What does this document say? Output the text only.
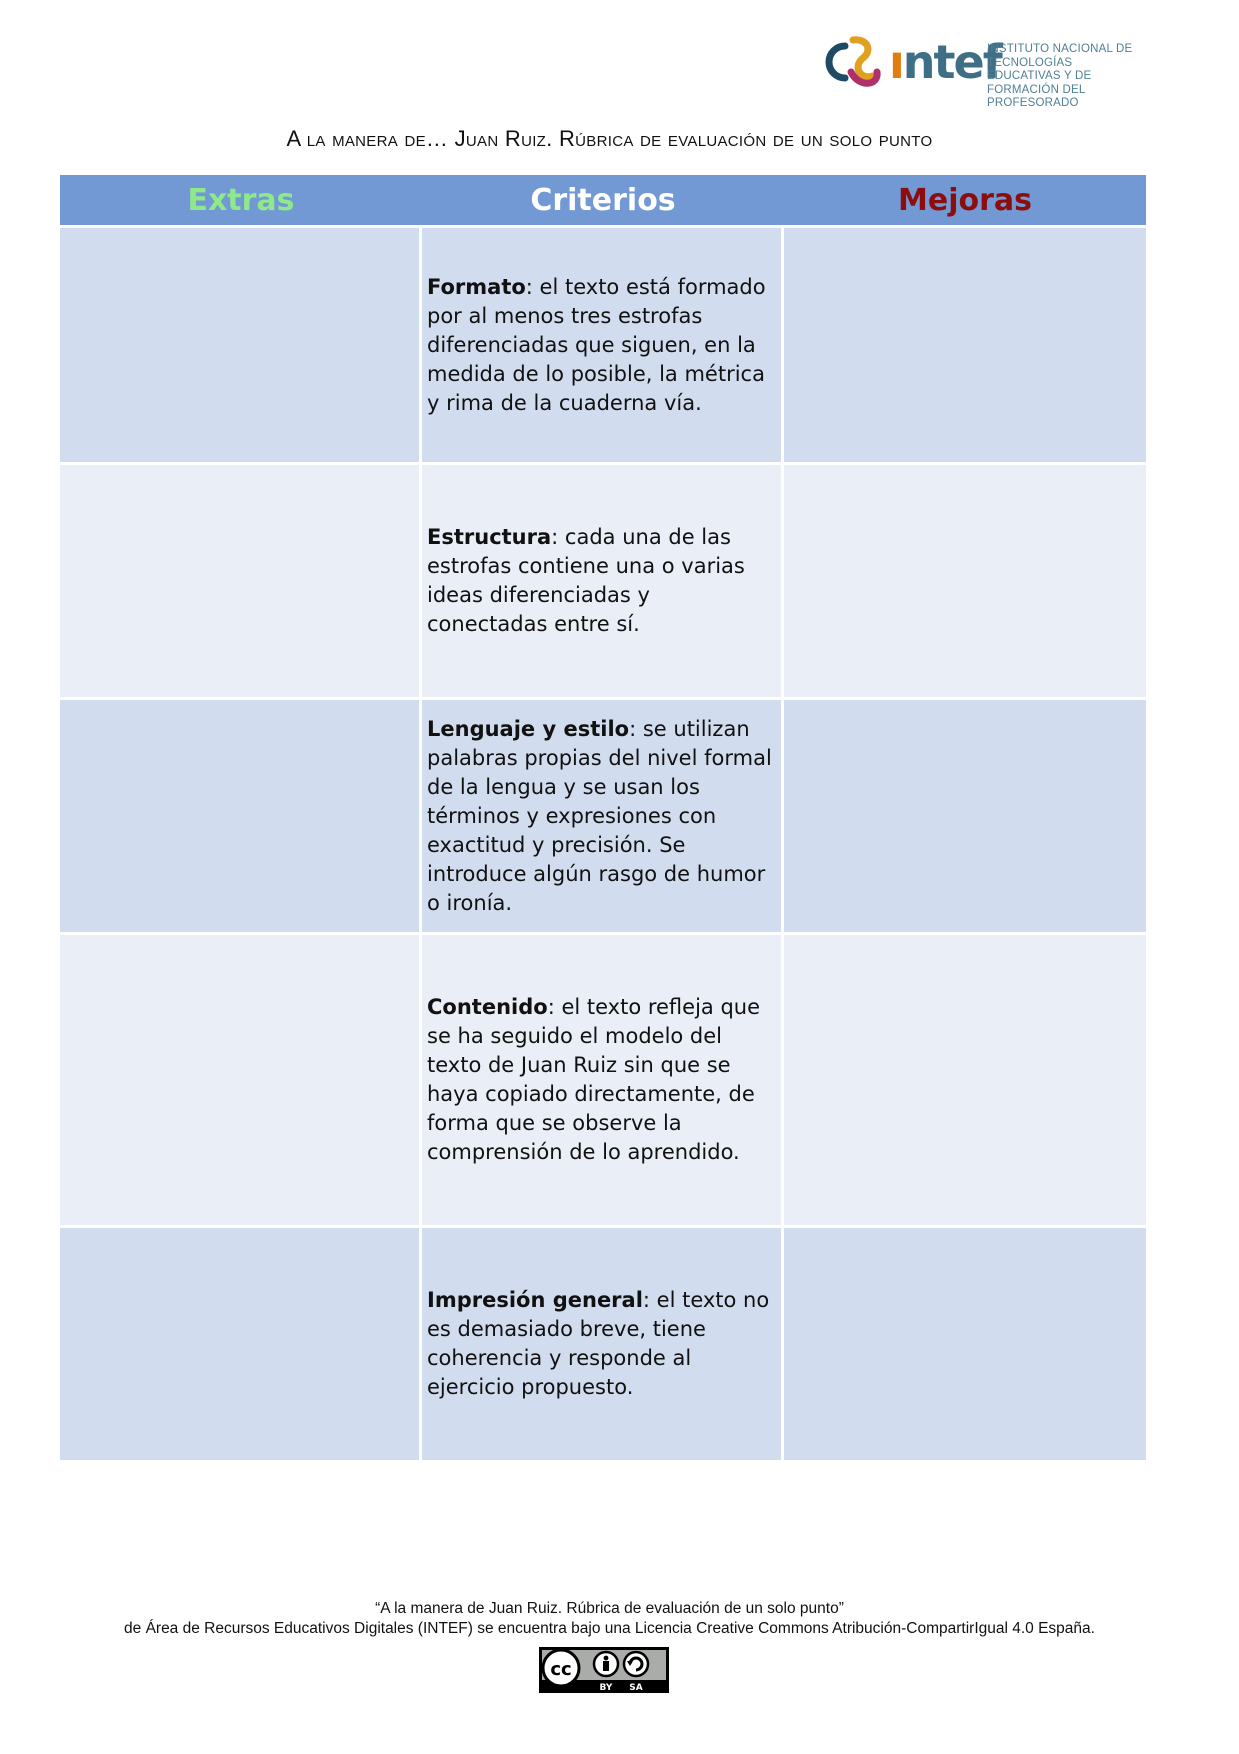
ıntef
INSTITUTO NACIONAL DE
TECNOLOGÍAS EDUCATIVAS Y DE
FORMACIÓN DEL PROFESORADO
A la manera de… Juan Ruiz. Rúbrica de evaluación de un solo punto
Extras	Criterios	Mejoras

	Formato: el texto está formado por al menos tres estrofas diferenciadas que siguen, en la medida de lo posible, la métrica y rima de la cuaderna vía.	

	Estructura: cada una de las estrofas contiene una o varias ideas diferenciadas y conectadas entre sí.	

	Lenguaje y estilo: se utilizan palabras propias del nivel formal de la lengua y se usan los términos y expresiones con exactitud y precisión. Se introduce algún rasgo de humor o ironía.	

	Contenido: el texto refleja que se ha seguido el modelo del texto de Juan Ruiz sin que se haya copiado directamente, de forma que se observe la comprensión de lo aprendido.	

	Impresión general: el texto no es demasiado breve, tiene coherencia y responde al ejercicio propuesto.	

“A la manera de Juan Ruiz. Rúbrica de evaluación de un solo punto”
de Área de Recursos Educativos Digitales (INTEF) se encuentra bajo una Licencia Creative Commons Atribución-CompartirIgual 4.0 España.
cc
BY SA
